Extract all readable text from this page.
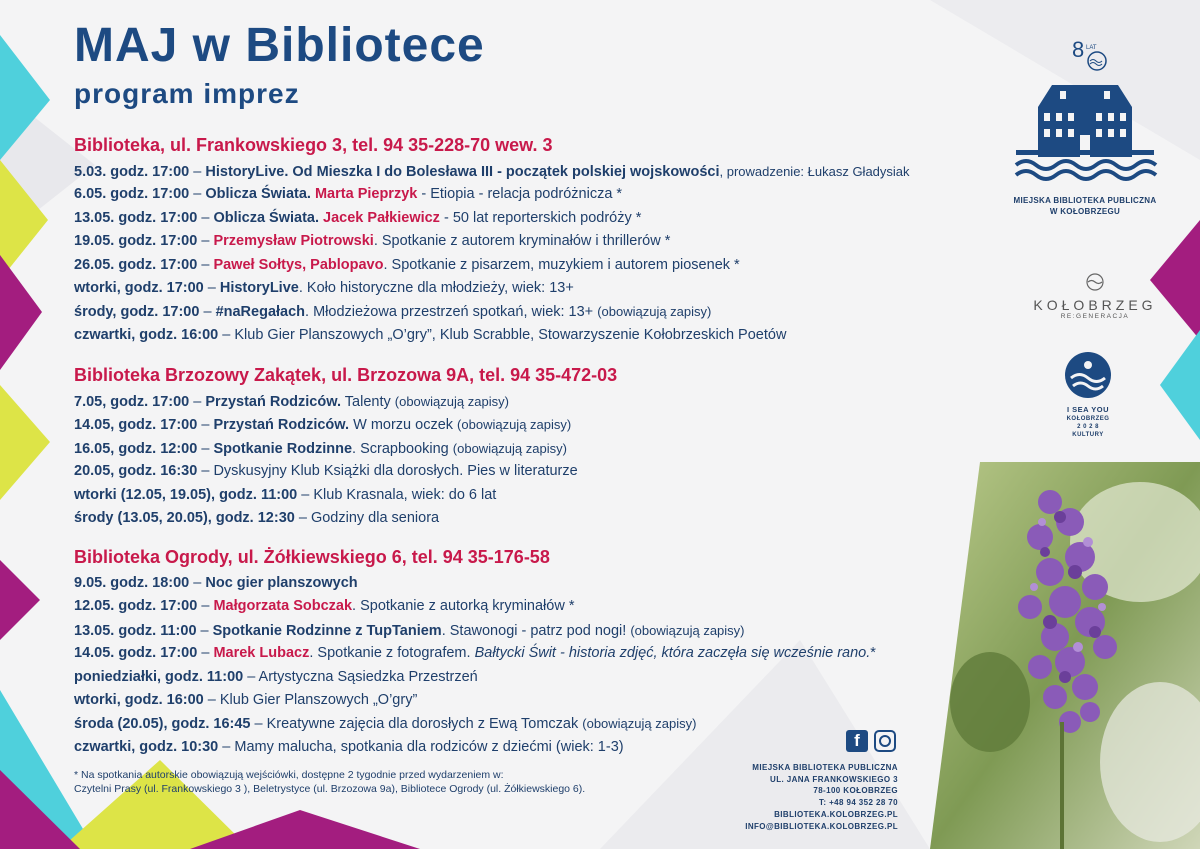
MAJ w Bibliotece
program imprez
Biblioteka, ul. Frankowskiego 3, tel. 94 35-228-70 wew. 3
5.03. godz. 17:00 – HistoryLive. Od Mieszka I do Bolesława III - początek polskiej wojskowości, prowadzenie: Łukasz Gładysiak
6.05. godz. 17:00 – Oblicza Świata. Marta Pieprzyk - Etiopia - relacja podróżnicza *
13.05. godz. 17:00 – Oblicza Świata. Jacek Pałkiewicz - 50 lat reporterskich podróży *
19.05. godz. 17:00 – Przemysław Piotrowski. Spotkanie z autorem kryminałów i thrillerów *
26.05. godz. 17:00 – Paweł Sołtys, Pablopavo. Spotkanie z pisarzem, muzykiem i autorem piosenek *
wtorki, godz. 17:00 – HistoryLive. Koło historyczne dla młodzieży, wiek: 13+
środy, godz. 17:00 – #naRegałach. Młodzieżowa przestrzeń spotkań, wiek: 13+ (obowiązują zapisy)
czwartki, godz. 16:00 – Klub Gier Planszowych „O’gry”, Klub Scrabble, Stowarzyszenie Kołobrzeskich Poetów
Biblioteka Brzozowy Zakątek, ul. Brzozowa 9A, tel. 94 35-472-03
7.05, godz. 17:00 – Przystań Rodziców. Talenty (obowiązują zapisy)
14.05, godz. 17:00 – Przystań Rodziców. W morzu oczek (obowiązują zapisy)
16.05, godz. 12:00 – Spotkanie Rodzinne. Scrapbooking (obowiązują zapisy)
20.05, godz. 16:30 – Dyskusyjny Klub Książki dla dorosłych. Pies w literaturze
wtorki (12.05, 19.05), godz. 11:00 – Klub Krasnala, wiek: do 6 lat
środy (13.05, 20.05), godz. 12:30 – Godziny dla seniora
Biblioteka Ogrody, ul. Żółkiewskiego 6, tel. 94 35-176-58
9.05. godz. 18:00 – Noc gier planszowych
12.05. godz. 17:00 – Małgorzata Sobczak. Spotkanie z autorką kryminałów *
13.05. godz. 11:00 – Spotkanie Rodzinne z TupTaniem. Stawonogi - patrz pod nogi! (obowiązują zapisy)
14.05. godz. 17:00 – Marek Lubacz. Spotkanie z fotografem. Bałtycki Świt - historia zdjęć, która zaczęła się wcześnie rano.*
poniedziałki, godz. 11:00 – Artystyczna Sąsiedzka Przestrzeń
wtorki, godz. 16:00 – Klub Gier Planszowych „O’gry”
środa (20.05), godz. 16:45 – Kreatywne zajęcia dla dorosłych z Ewą Tomczak (obowiązują zapisy)
czwartki, godz. 10:30 – Mamy malucha, spotkania dla rodziców z dziećmi (wiek: 1-3)
* Na spotkania autorskie obowiązują wejściówki, dostępne 2 tygodnie przed wydarzeniem w:
Czytelni Prasy (ul. Frankowskiego 3 ), Beletrystyce (ul. Brzozowa 9a), Bibliotece Ogrody (ul. Żółkiewskiego 6).
f
MIEJSKA BIBLIOTEKA PUBLICZNA
UL. JANA FRANKOWSKIEGO 3
78-100 KOŁOBRZEG
T: +48 94 352 28 70
BIBLIOTEKA.KOLOBRZEG.PL
INFO@BIBLIOTEKA.KOLOBRZEG.PL
8 LAT
MIEJSKA BIBLIOTEKA PUBLICZNA
W KOŁOBRZEGU
KOŁOBRZEG
RE:GENERACJA
I SEA YOU
KOŁOBRZEG
2 0 2 8
KULTURY
